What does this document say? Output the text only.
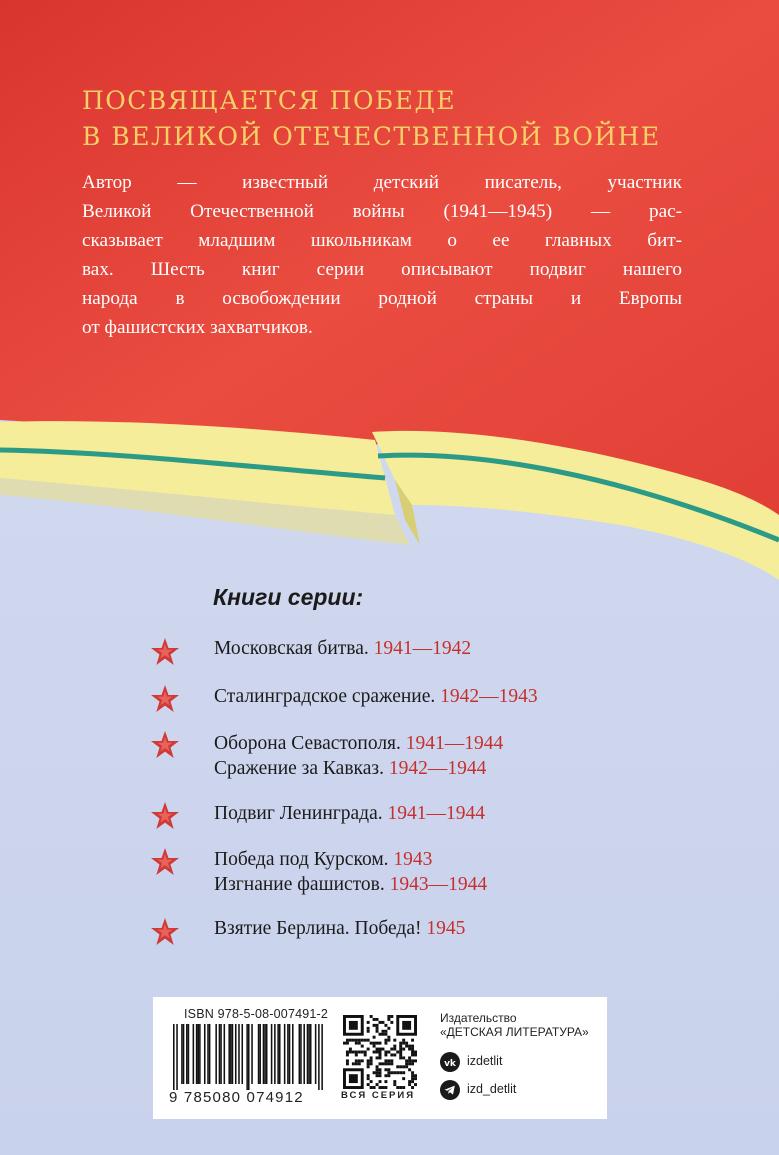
ПОСВЯЩАЕТСЯ ПОБЕДЕ
В ВЕЛИКОЙ ОТЕЧЕСТВЕННОЙ ВОЙНЕ
Автор — известный детский писатель, участник
Великой Отечественной войны (1941—1945) — рас-
сказывает младшим школьникам о ее главных бит-
вах. Шесть книг серии описывают подвиг нашего
народа в освобождении родной страны и Европы
от фашистских захватчиков.
Книги серии:
Московская битва. 1941—1942
Сталинградское сражение. 1942—1943
Оборона Севастополя. 1941—1944
Сражение за Кавказ. 1942—1944
Подвиг Ленинграда. 1941—1944
Победа под Курском. 1943
Изгнание фашистов. 1943—1944
Взятие Берлина. Победа! 1945
ISBN 978-5-08-007491-2
9 785080 074912	ВСЯ СЕРИЯ
Издательство
«ДЕТСКАЯ ЛИТЕРАТУРА»
vk izdetlit
izd_detlit
